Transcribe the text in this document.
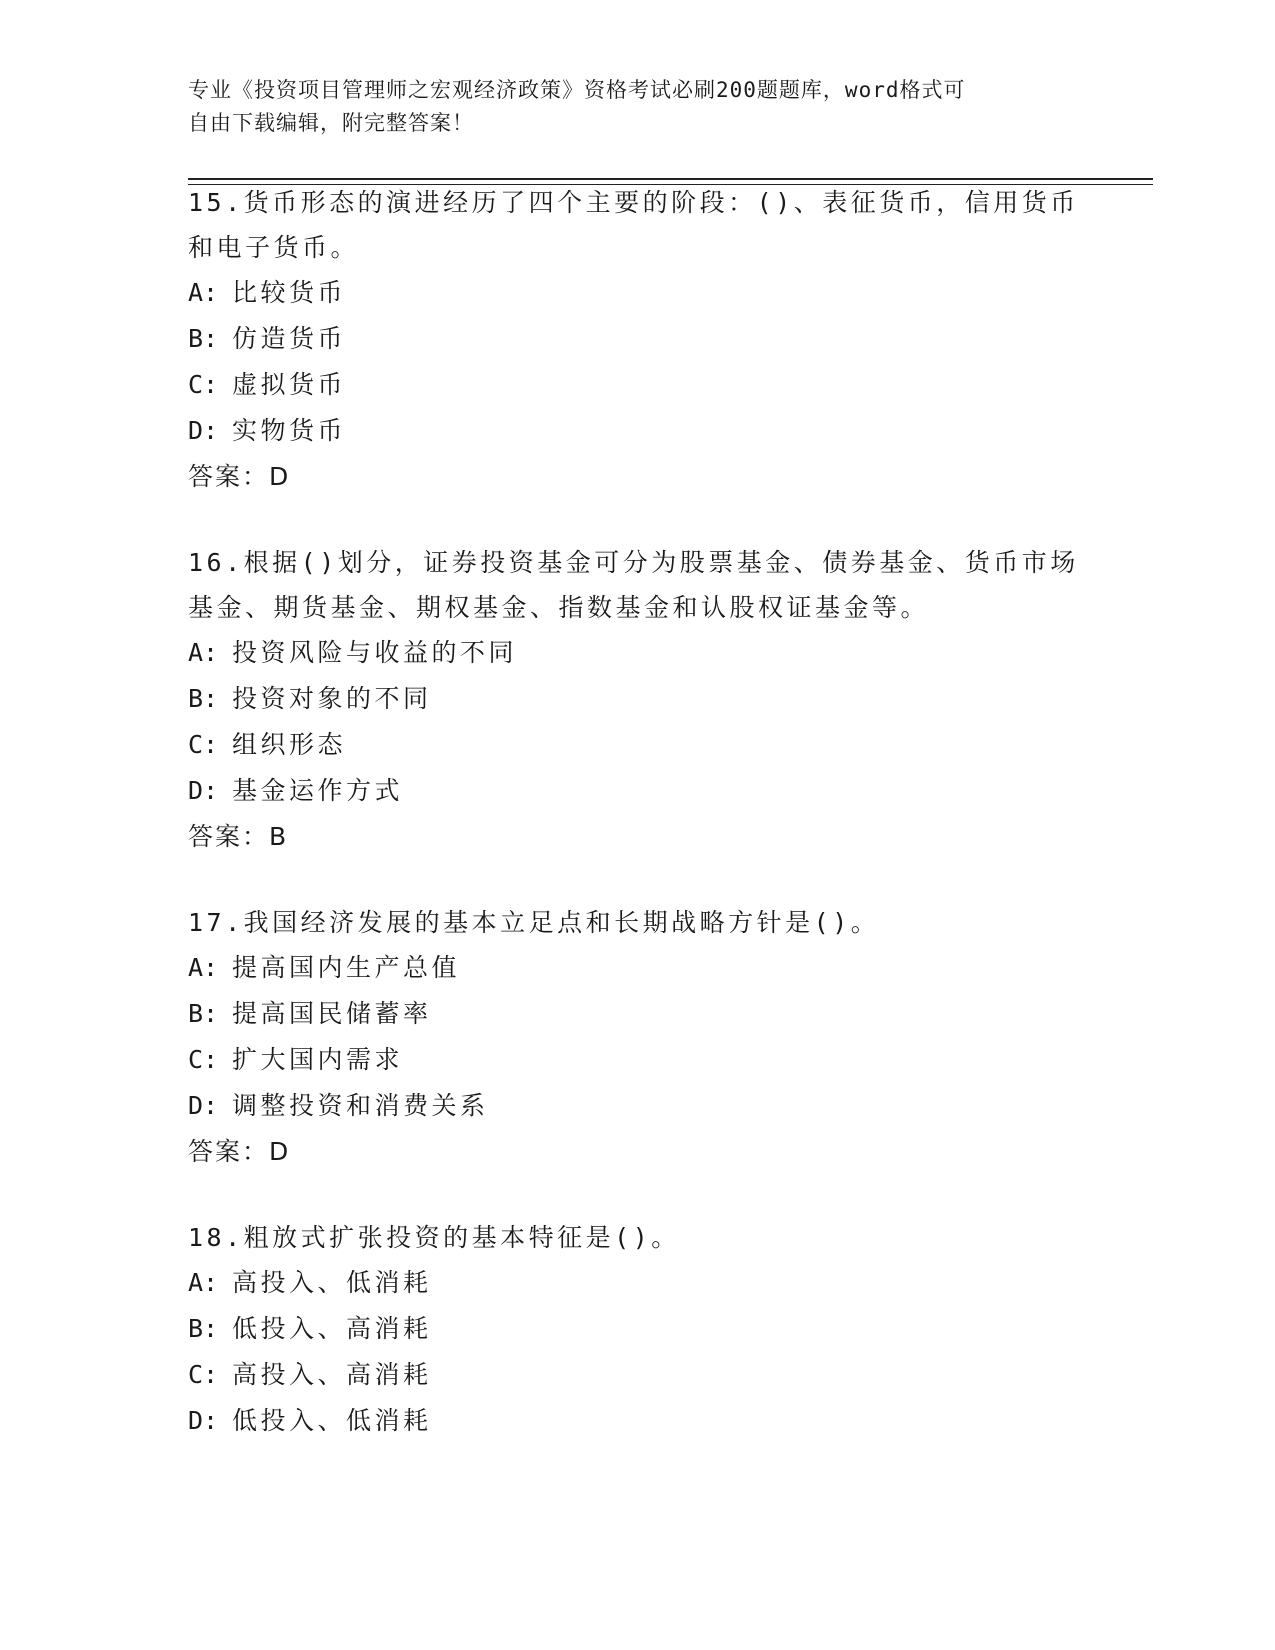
专业《投资项目管理师之宏观经济政策》资格考试必刷200题题库，word格式可
自由下载编辑，附完整答案！
15.货币形态的演进经历了四个主要的阶段：()、表征货币，信用货币
和电子货币。
A: 比较货币
B: 仿造货币
C: 虚拟货币
D: 实物货币
答案：D
16.根据()划分，证券投资基金可分为股票基金、债券基金、货币市场
基金、期货基金、期权基金、指数基金和认股权证基金等。
A: 投资风险与收益的不同
B: 投资对象的不同
C: 组织形态
D: 基金运作方式
答案：B
17.我国经济发展的基本立足点和长期战略方针是()。
A: 提高国内生产总值
B: 提高国民储蓄率
C: 扩大国内需求
D: 调整投资和消费关系
答案：D
18.粗放式扩张投资的基本特征是()。
A: 高投入、低消耗
B: 低投入、高消耗
C: 高投入、高消耗
D: 低投入、低消耗
